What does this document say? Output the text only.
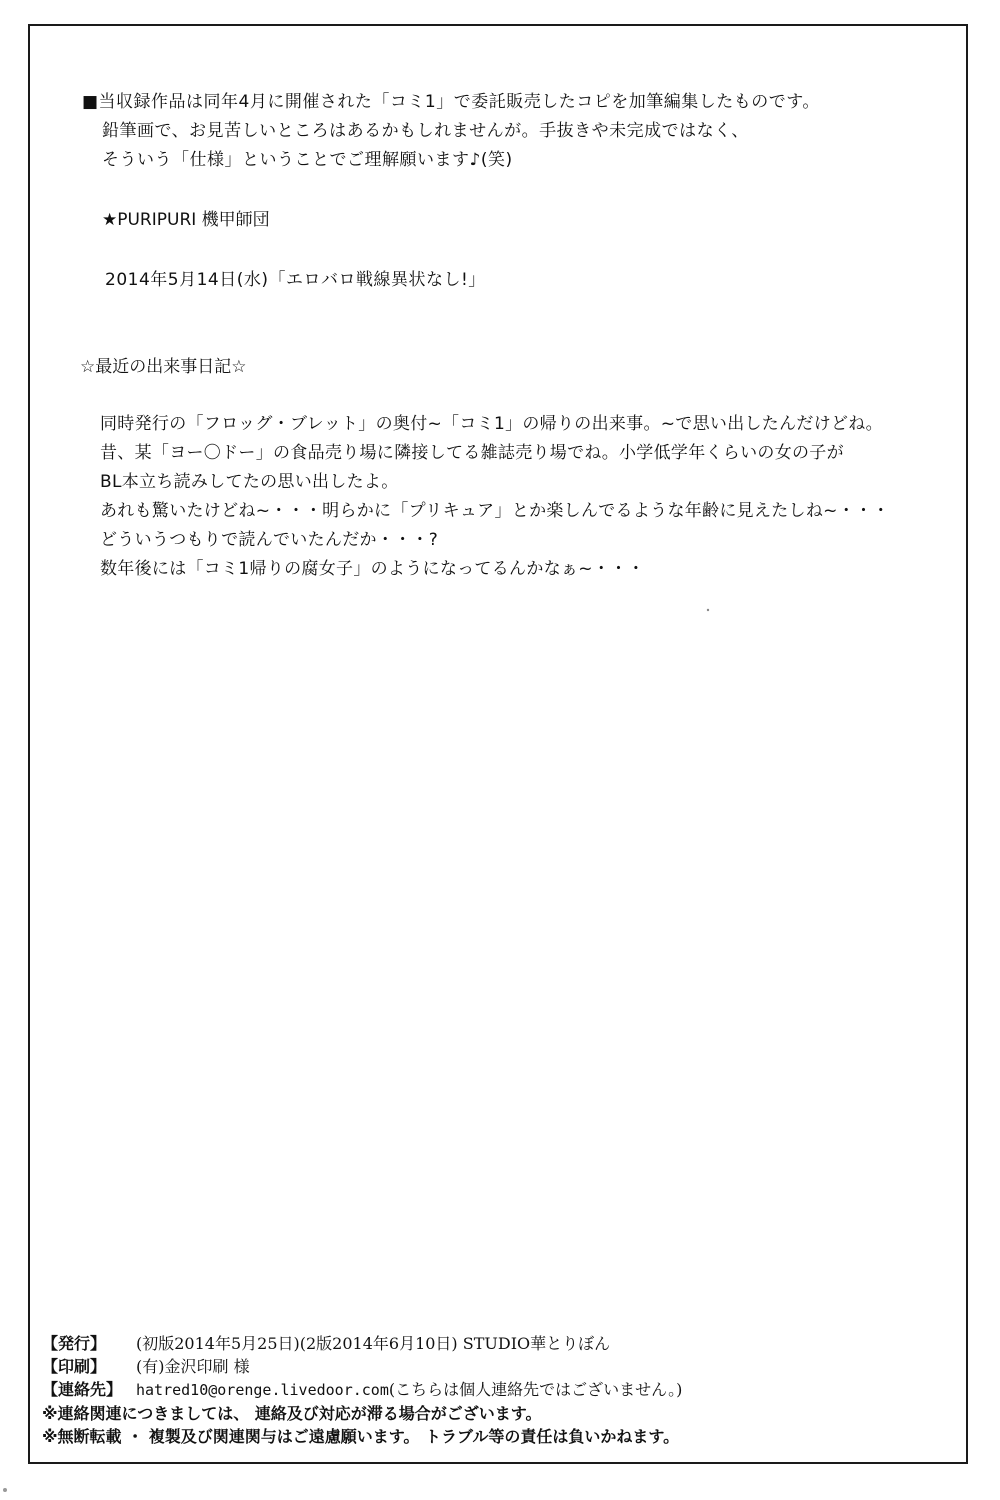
■当収録作品は同年4月に開催された「コミ1」で委託販売したコピを加筆編集したものです。
鉛筆画で、お見苦しいところはあるかもしれませんが。手抜きや未完成ではなく、
そういう「仕様」ということでご理解願います♪(笑)
★PURIPURI 機甲師団
2014年5月14日(水)「エロバロ戦線異状なし!」
☆最近の出来事日記☆
同時発行の「フロッグ・ブレット」の奥付~「コミ1」の帰りの出来事。~で思い出したんだけどね。
昔、某「ヨー〇ドー」の食品売り場に隣接してる雑誌売り場でね。小学低学年くらいの女の子が
BL本立ち読みしてたの思い出したよ。
あれも驚いたけどね~・・・明らかに「プリキュア」とか楽しんでるような年齢に見えたしね~・・・
どういうつもりで読んでいたんだか・・・?
数年後には「コミ1帰りの腐女子」のようになってるんかなぁ~・・・
【発行】 (初版2014年5月25日)(2版2014年6月10日) STUDIO華とりぼん
【印刷】 (有)金沢印刷 様
【連絡先】 hatred10@orenge.livedoor.com(こちらは個人連絡先ではございません。)
※連絡関連につきましては、 連絡及び対応が滞る場合がございます。
※無断転載 ・ 複製及び関連関与はご遠慮願います。 トラブル等の責任は負いかねます。
